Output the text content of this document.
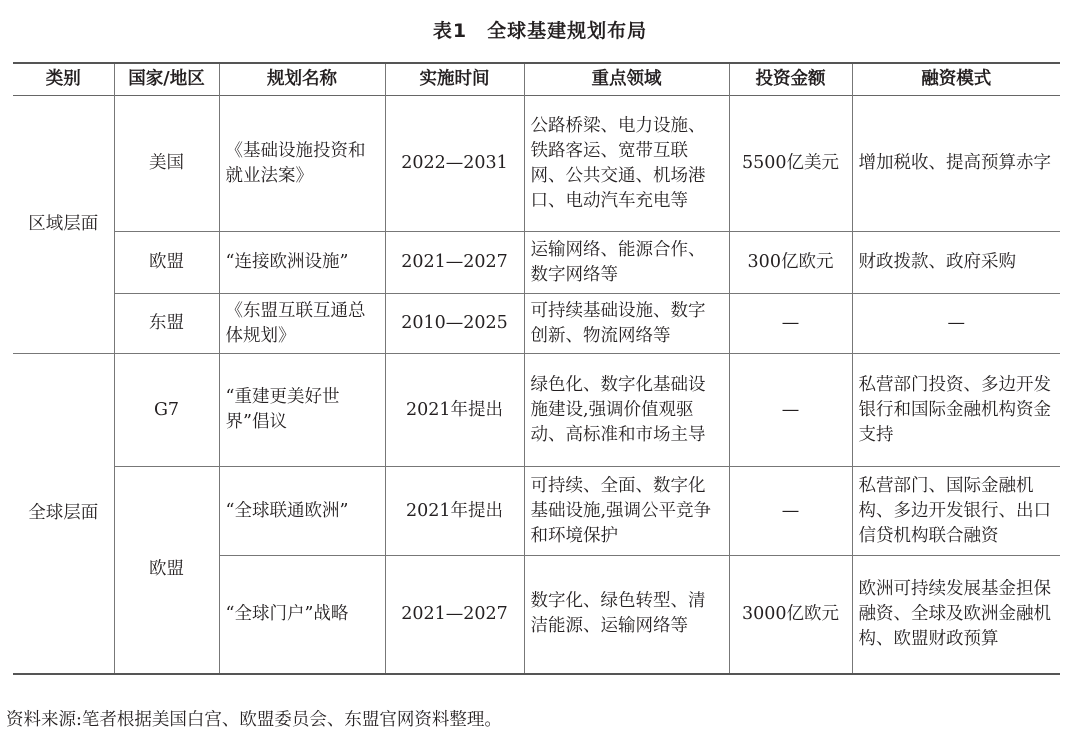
表1　全球基建规划布局
类别	国家/地区	规划名称	实施时间	重点领域	投资金额	融资模式
区域层面	美国	《基础设施投资和就业法案》	2022—2031	公路桥梁、电力设施、铁路客运、宽带互联网、公共交通、机场港口、电动汽车充电等	5500亿美元	增加税收、提高预算赤字
	欧盟	“连接欧洲设施”	2021—2027	运输网络、能源合作、数字网络等	300亿欧元	财政拨款、政府采购
	东盟	《东盟互联互通总体规划》	2010—2025	可持续基础设施、数字创新、物流网络等	—	—
全球层面	G7	“重建更美好世界”倡议	2021年提出	绿色化、数字化基础设施建设,强调价值观驱动、高标准和市场主导	—	私营部门投资、多边开发银行和国际金融机构资金支持
	欧盟	“全球联通欧洲”	2021年提出	可持续、全面、数字化基础设施,强调公平竞争和环境保护	—	私营部门、国际金融机构、多边开发银行、出口信贷机构联合融资
		“全球门户”战略	2021—2027	数字化、绿色转型、清洁能源、运输网络等	3000亿欧元	欧洲可持续发展基金担保融资、全球及欧洲金融机构、欧盟财政预算
资料来源:笔者根据美国白宫、欧盟委员会、东盟官网资料整理。
